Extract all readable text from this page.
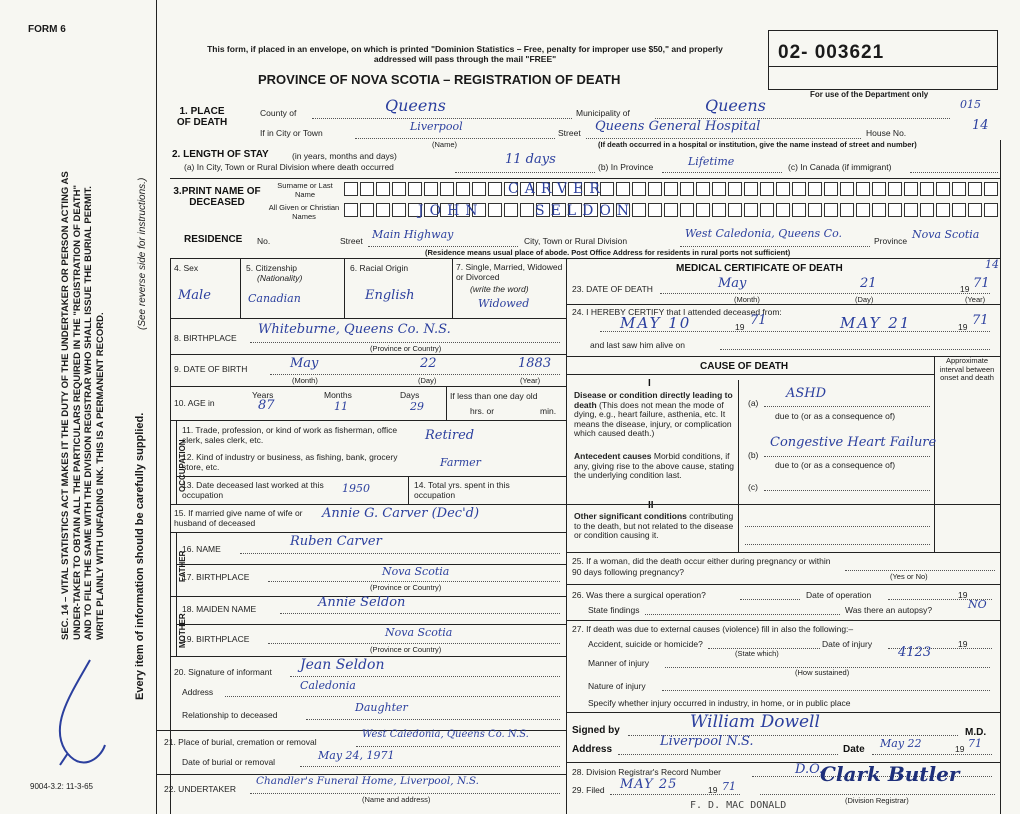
FORM 6
SEC. 14 – VITAL STATISTICS ACT MAKES IT THE DUTY OF THE UNDERTAKER OR PERSON ACTING AS UNDER-TAKER TO OBTAIN ALL THE PARTICULARS REQUIRED IN THE "REGISTRATION OF DEATH" AND TO FILE THE SAME WITH THE DIVISION REGISTRAR WHO SHALL ISSUE THE BURIAL PERMIT. WRITE PLAINLY WITH UNFADING INK. THIS IS A PERMANENT RECORD.	Every item of information should be carefully supplied.
(See reverse side for instructions.)
9004-3.2: 11-3-65
This form, if placed in an envelope, on which is printed "Dominion Statistics – Free, penalty for improper use $50," and properly addressed will pass through the mail "FREE"
PROVINCE OF NOVA SCOTIA – REGISTRATION OF DEATH
02- 003621
For use of the Department only
015
1. PLACE OF DEATH
County of	Queens	Municipality of	Queens
If in City or Town	Liverpool
(Name)
Street Queens General Hospital	House No.	14
(If death occurred in a hospital or institution, give the name instead of street and number)
2. LENGTH OF STAY	(in years, months and days)
(a) In City, Town or Rural Division where death occurred	11 days	(b) In Province	Lifetime	(c) In Canada (if immigrant)
3.PRINT NAME OF DECEASED
Surname or Last Name
All Given or Christian Names
CARVER
JOHN	SELDON
RESIDENCE No.	Street Main Highway	City, Town or Rural Division
West Caledonia, Queens Co.
Province Nova Scotia
(Residence means usual place of abode. Post Office Address for residents in rural ports not sufficient)
4. Sex
Male
5. Citizenship
(Nationality)
Canadian
6. Racial Origin
English
7. Single, Married, Widowed or Divorced
(write the word)
Widowed
8. BIRTHPLACE
Whiteburne, Queens Co. N.S.
(Province or Country)
9. DATE OF BIRTH	May	22	1883
(Month)	(Day)	(Year)
10. AGE in
Years
87
Months
11
Days
29
If less than one day old
hrs. or	min.
OCCUPATION
11. Trade, profession, or kind of work as fisherman, office clerk, sales clerk, etc.	Retired
12. Kind of industry or business, as fishing, bank, grocery store, etc.	Farmer
13. Date deceased last worked at this occupation	1950	14. Total yrs. spent in this occupation
15. If married give name of wife or husband of deceased
Annie G. Carver (Dec'd)
FATHER
16. NAME	Ruben Carver
17. BIRTHPLACE	Nova Scotia
(Province or Country)
MOTHER
18. MAIDEN NAME	Annie Seldon
19. BIRTHPLACE	Nova Scotia
(Province or Country)
20. Signature of informant Jean Seldon
Address	Caledonia
Relationship to deceased
Daughter
21. Place of burial, cremation or removal
West Caledonia, Queens Co. N.S.
Date of burial or removal	May 24, 1971
22. UNDERTAKER
Chandler's Funeral Home, Liverpool, N.S.
(Name and address)
MEDICAL CERTIFICATE OF DEATH	14
23. DATE OF DEATH	May	21	19 71
(Month)	(Day)	(Year)
24. I HEREBY CERTIFY that I attended deceased from:
MAY 10	19 71	MAY 21	19 71
and last saw him alive on
CAUSE OF DEATH
Approximate interval between onset and death
I
Disease or condition directly leading to death (This does not mean the mode of dying, e.g., heart failure, asthenia, etc. It means the disease, injury, or complication which caused death.)
(a)
ASHD
due to (or as a consequence of)
Antecedent causes Morbid conditions, if any, giving rise to the above cause, stating the underlying condition last.
(b)
Congestive Heart Failure
due to (or as a consequence of)
(c)
II
Other significant conditions contributing to the death, but not related to the disease or condition causing it.
25. If a woman, did the death occur either during pregnancy or within 90 days following pregnancy?	(Yes or No)
26. Was there a surgical operation?	Date of operation	19
State findings	Was there an autopsy?	NO
27. If death was due to external causes (violence) fill in also the following:–
Accident, suicide or homicide?
(State which)
Date of injury	19
4123
Manner of injury
(How sustained)
Nature of injury
Specify whether injury occurred in industry, in home, or in public place
Signed by	William Dowell
M.D.
Address
Liverpool N.S.
Date May 22	19 71
28. Division Registrar's Record Number	D.O.
29. Filed MAY 25	19 71
Clark Butler
(Division Registrar)
F. D. MAC DONALD
